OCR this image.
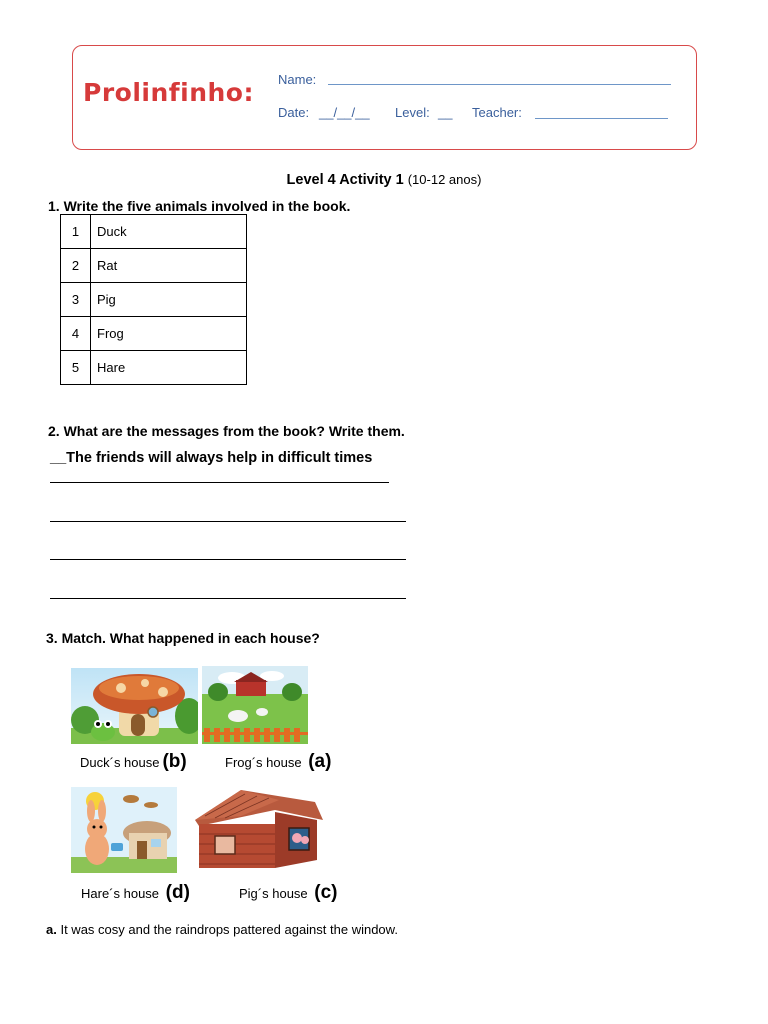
Prolinfinho: Name:
Date: __/__/__ Level: __ Teacher:
Level 4 Activity 1 (10-12 anos)
1. Write the five animals involved in the book.
1	Duck
2	Rat
3	Pig
4	Frog
5	Hare
2. What are the messages from the book? Write them.
__The friends will always help in difficult times
3. Match. What happened in each house?
Duck´s house (b)	Frog´s house (a)
Hare´s house (d)	Pig´s house (c)
a. It was cosy and the raindrops pattered against the window.
